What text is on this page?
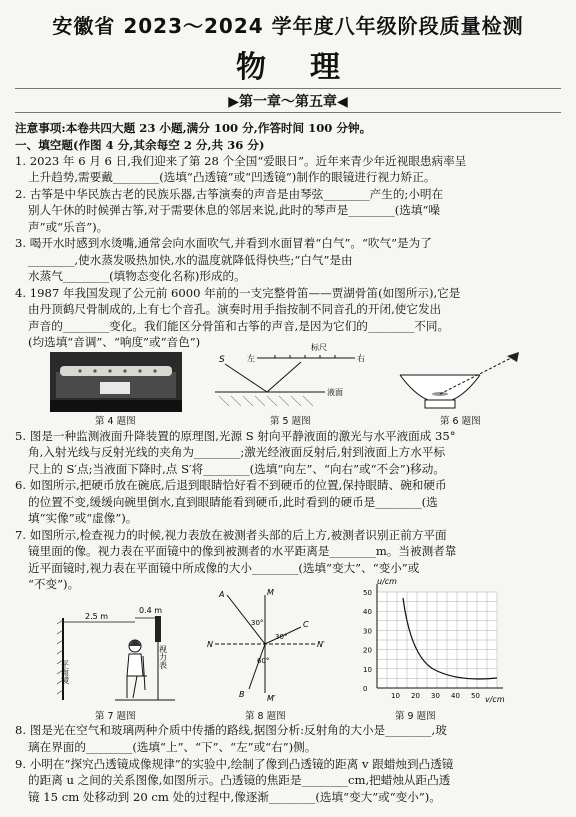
安徽省 2023～2024 学年度八年级阶段质量检测
物理
▶第一章～第五章◀
注意事项:本卷共四大题 23 小题,满分 100 分,作答时间 100 分钟。
一、填空题(作图 4 分,其余每空 2 分,共 36 分)
1. 2023 年 6 月 6 日,我们迎来了第 28 个全国“爱眼日”。近年来青少年近视眼患病率呈
上升趋势,需要戴________(选填“凸透镜”或“凹透镜”)制作的眼镜进行视力矫正。
2. 古筝是中华民族古老的民族乐器,古筝演奏的声音是由琴弦________产生的;小明在
别人午休的时候弹古筝,对于需要休息的邻居来说,此时的琴声是________(选填“噪
声”或“乐音”)。
3. 喝开水时感到水烫嘴,通常会向水面吹气,并看到水面冒着“白气”。“吹气”是为了
________,使水蒸发吸热加快,水的温度就降低得快些;“白气”是由
水蒸气________(填物态变化名称)形成的。
4. 1987 年我国发现了公元前 6000 年前的一支完整骨笛——贾湖骨笛(如图所示),它是
由丹顶鹤尺骨制成的,上有七个音孔。演奏时用手指按制不同音孔的开闭,使它发出
声音的________变化。我们能区分骨笛和古筝的声音,是因为它们的________不同。
(均选填“音调”、“响度”或“音色”)
第 4 题图
标尺
左	右
S
液面
第 5 题图	第 6 题图
5. 图是一种监测液面升降装置的原理图,光源 S 射向平静液面的激光与水平液面成 35°
角,入射光线与反射光线的夹角为________;激光经液面反射后,射到液面上方水平标
尺上的 S′点;当液面下降时,点 S′将________(选填“向左”、“向右”或“不会”)移动。
6. 如图所示,把硬币放在碗底,后退到眼睛恰好看不到硬币的位置,保持眼睛、碗和硬币
的位置不变,缓缓向碗里倒水,直到眼睛能看到硬币,此时看到的硬币是________(选
填“实像”或“虚像”)。
7. 如图所示,检查视力的时候,视力表放在被测者头部的后上方,被测者识别正前方平面
镜里面的像。视力表在平面镜中的像到被测者的水平距离是________m。当被测者靠
近平面镜时,视力表在平面镜中所成像的大小________(选填“变大”、“变小”或
“不变”)。
平面镜
2.5 m
0.4 m
视力表
第 7 题图
A	M
C
N	N′
B	M′
30°
30°
60°
第 8 题图
u/cm
v/cm
50
40
30
20
10
0
10 20 30 40 50
第 9 题图
8. 图是光在空气和玻璃两种介质中传播的路线,据图分析:反射角的大小是________,玻
璃在界面的________(选填“上”、“下”、“左”或“右”)侧。
9. 小明在“探究凸透镜成像规律”的实验中,绘制了像到凸透镜的距离 v 跟蜡烛到凸透镜
的距离 u 之间的关系图像,如图所示。凸透镜的焦距是________cm,把蜡烛从距凸透
镜 15 cm 处移动到 20 cm 处的过程中,像逐渐________(选填“变大”或“变小”)。
